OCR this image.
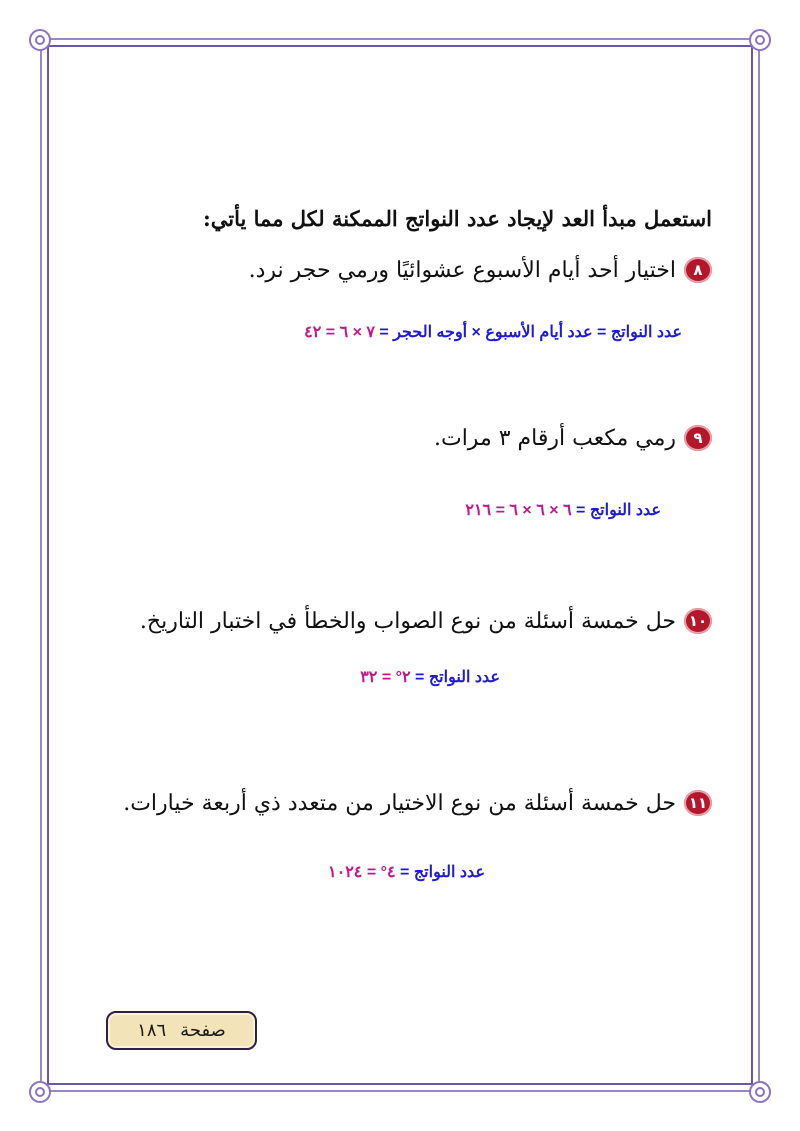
استعمل مبدأ العد لإيجاد عدد النواتج الممكنة لكل مما يأتي:
٨
اختيار أحد أيام الأسبوع عشوائيًا ورمي حجر نرد.
عدد النواتج = عدد أيام الأسبوع × أوجه الحجر = ٧ × ٦ = ٤٢
٩
رمي مكعب أرقام ٣ مرات.
عدد النواتج = ٦ × ٦ × ٦ = ٢١٦
١٠
حل خمسة أسئلة من نوع الصواب والخطأ في اختبار التاريخ.
عدد النواتج = ٢° = ٣٢
١١
حل خمسة أسئلة من نوع الاختيار من متعدد ذي أربعة خيارات.
عدد النواتج = ٤° = ١٠٢٤
صفحة
١٨٦
